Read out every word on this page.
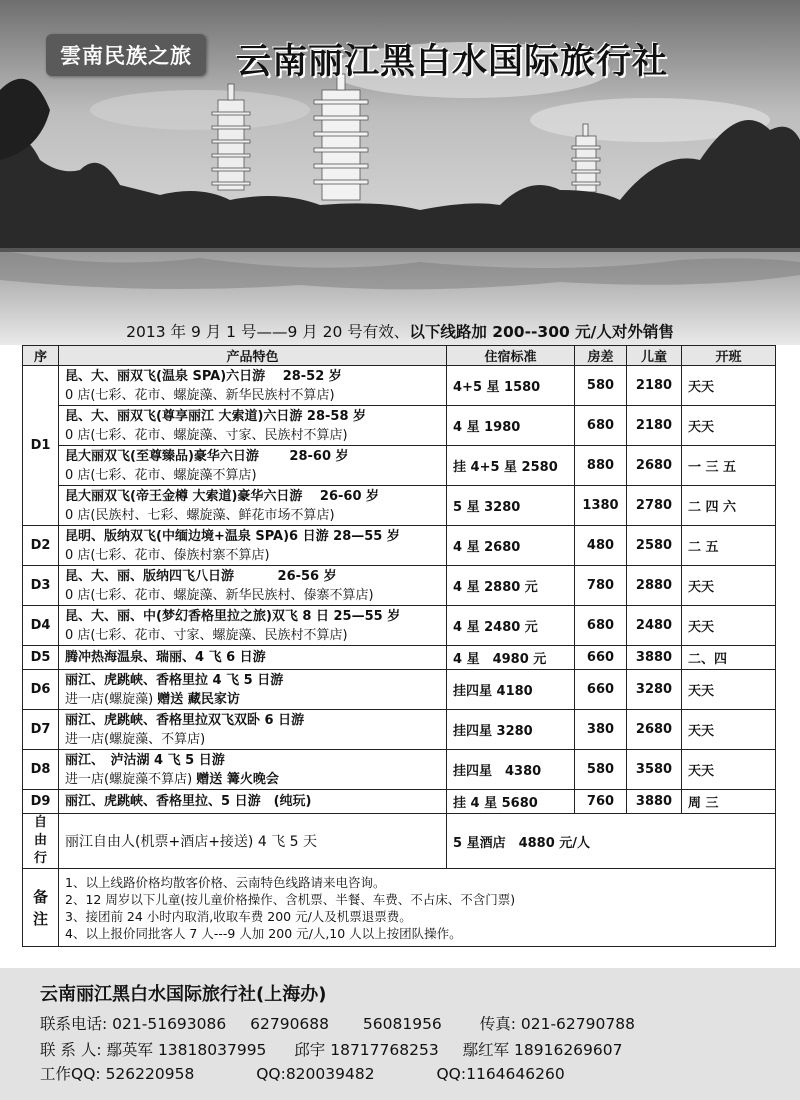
雲南民族之旅	云南丽江黑白水国际旅行社
2013 年 9 月 1 号——9 月 20 号有效、以下线路加 200--300 元/人对外销售
序	产品特色	住宿标准	房差	儿童	开班
D1	昆、大、丽双飞(温泉 SPA)六日游　 28-52 岁
0 店(七彩、花市、螺旋藻、新华民族村不算店)	4+5 星 1580	580	2180	天天

	昆、大、丽双飞(尊享丽江 大索道)六日游 28-58 岁
0 店(七彩、花市、螺旋藻、寸家、民族村不算店)	4 星 1980	680	2180	天天

	昆大丽双飞(至尊臻品)豪华六日游　　 28-60 岁
0 店(七彩、花市、螺旋藻不算店)	挂 4+5 星 2580	880	2680	一 三 五

	昆大丽双飞(帝王金樽 大索道)豪华六日游　 26-60 岁
0 店(民族村、七彩、螺旋藻、鲜花市场不算店)	5 星 3280	1380	2780	二 四 六
D2	昆明、版纳双飞(中缅边境+温泉 SPA)6 日游 28—55 岁
0 店(七彩、花市、傣族村寨不算店)	4 星 2680	480	2580	二 五
D3	昆、大、丽、版纳四飞八日游　　　 26-56 岁
0 店(七彩、花市、螺旋藻、新华民族村、傣寨不算店)	4 星 2880 元	780	2880	天天
D4	昆、大、丽、中(梦幻香格里拉之旅)双飞 8 日 25—55 岁
0 店(七彩、花市、寸家、螺旋藻、民族村不算店)	4 星 2480 元	680	2480	天天
D5	腾冲热海温泉、瑞丽、4 飞 6 日游	4 星　4980 元	660	3880	二、四
D6	丽江、虎跳峡、香格里拉 4 飞 5 日游
进一店(螺旋藻) 赠送 藏民家访	挂四星 4180	660	3280	天天
D7	丽江、虎跳峡、香格里拉双飞双卧 6 日游
进一店(螺旋藻、不算店)	挂四星 3280	380	2680	天天
D8	丽江、　泸沽湖 4 飞 5 日游
进一店(螺旋藻不算店) 赠送 篝火晚会	挂四星　4380	580	3580	天天
D9	丽江、虎跳峡、香格里拉、5 日游　(纯玩)	挂 4 星 5680	760	3880	周 三
自由行	丽江自由人(机票+酒店+接送) 4 飞 5 天	5 星酒店　4880 元/人			
备注	1、以上线路价格均散客价格、云南特色线路请来电咨询。
2、12 周岁以下儿童(按儿童价格操作、含机票、半餐、车费、不占床、不含门票)
3、接团前 24 小时内取消,收取车费 200 元/人及机票退票费。
4、以上报价同批客人 7 人---9 人加 200 元/人,10 人以上按团队操作。				
云南丽江黑白水国际旅行社(上海办)
联系电话: 021-51693086 62790688 56081956 传真: 021-62790788
联 系 人: 鄢英军 13818037995 邱宇 18717768253 鄢红军 18916269607
工作QQ: 526220958	QQ:820039482	QQ:1164646260
